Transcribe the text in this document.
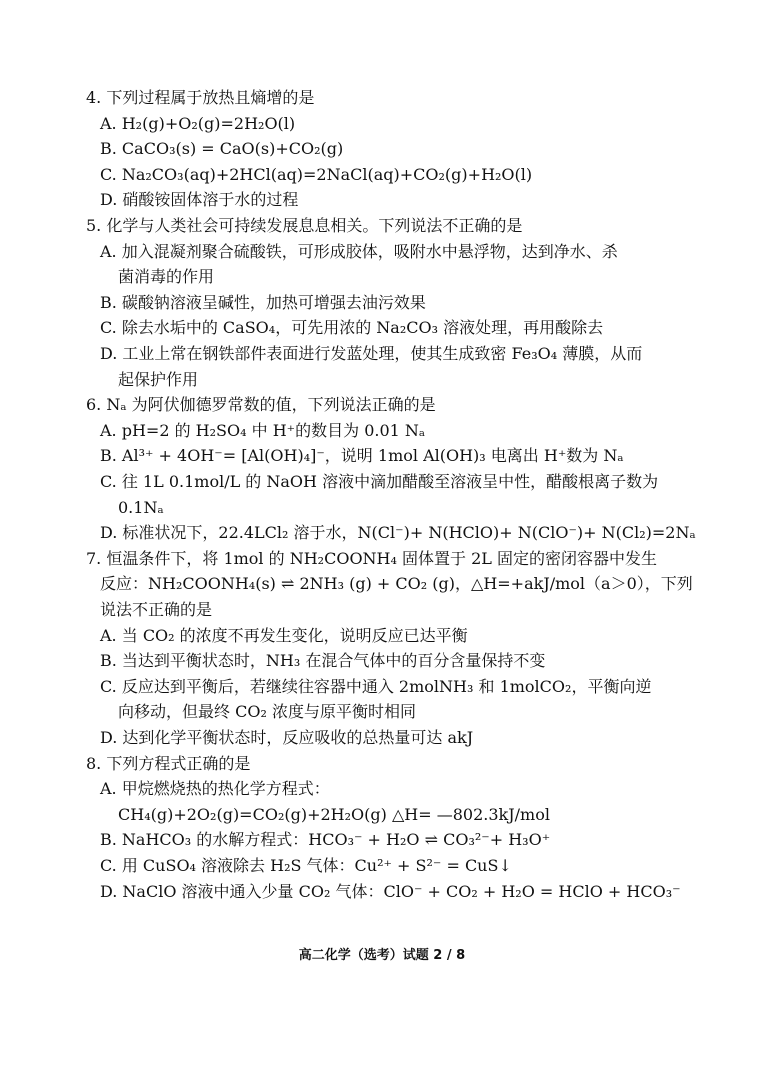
4. 下列过程属于放热且熵增的是
A. H₂(g)+O₂(g)=2H₂O(l)
B. CaCO₃(s) = CaO(s)+CO₂(g)
C. Na₂CO₃(aq)+2HCl(aq)=2NaCl(aq)+CO₂(g)+H₂O(l)
D. 硝酸铵固体溶于水的过程
5. 化学与人类社会可持续发展息息相关。下列说法不正确的是
A. 加入混凝剂聚合硫酸铁，可形成胶体，吸附水中悬浮物，达到净水、杀
菌消毒的作用
B. 碳酸钠溶液呈碱性，加热可增强去油污效果
C. 除去水垢中的 CaSO₄，可先用浓的 Na₂CO₃ 溶液处理，再用酸除去
D. 工业上常在钢铁部件表面进行发蓝处理，使其生成致密 Fe₃O₄ 薄膜，从而
起保护作用
6. Nₐ 为阿伏伽德罗常数的值，下列说法正确的是
A. pH=2 的 H₂SO₄ 中 H⁺的数目为 0.01 Nₐ
B. Al³⁺ + 4OH⁻= [Al(OH)₄]⁻，说明 1mol Al(OH)₃ 电离出 H⁺数为 Nₐ
C. 往 1L 0.1mol/L 的 NaOH 溶液中滴加醋酸至溶液呈中性，醋酸根离子数为
0.1Nₐ
D. 标准状况下，22.4LCl₂ 溶于水，N(Cl⁻)+ N(HClO)+ N(ClO⁻)+ N(Cl₂)=2Nₐ
7. 恒温条件下，将 1mol 的 NH₂COONH₄ 固体置于 2L 固定的密闭容器中发生
反应：NH₂COONH₄(s) ⇌ 2NH₃ (g) + CO₂ (g)，△H=+akJ/mol（a＞0），下列
说法不正确的是
A. 当 CO₂ 的浓度不再发生变化，说明反应已达平衡
B. 当达到平衡状态时，NH₃ 在混合气体中的百分含量保持不变
C. 反应达到平衡后，若继续往容器中通入 2molNH₃ 和 1molCO₂，平衡向逆
向移动，但最终 CO₂ 浓度与原平衡时相同
D. 达到化学平衡状态时，反应吸收的总热量可达 akJ
8. 下列方程式正确的是
A. 甲烷燃烧热的热化学方程式：
CH₄(g)+2O₂(g)=CO₂(g)+2H₂O(g) △H= —802.3kJ/mol
B. NaHCO₃ 的水解方程式：HCO₃⁻ + H₂O ⇌ CO₃²⁻+ H₃O⁺
C. 用 CuSO₄ 溶液除去 H₂S 气体：Cu²⁺ + S²⁻ = CuS↓
D. NaClO 溶液中通入少量 CO₂ 气体：ClO⁻ + CO₂ + H₂O = HClO + HCO₃⁻
高二化学（选考）试题 2 / 8
